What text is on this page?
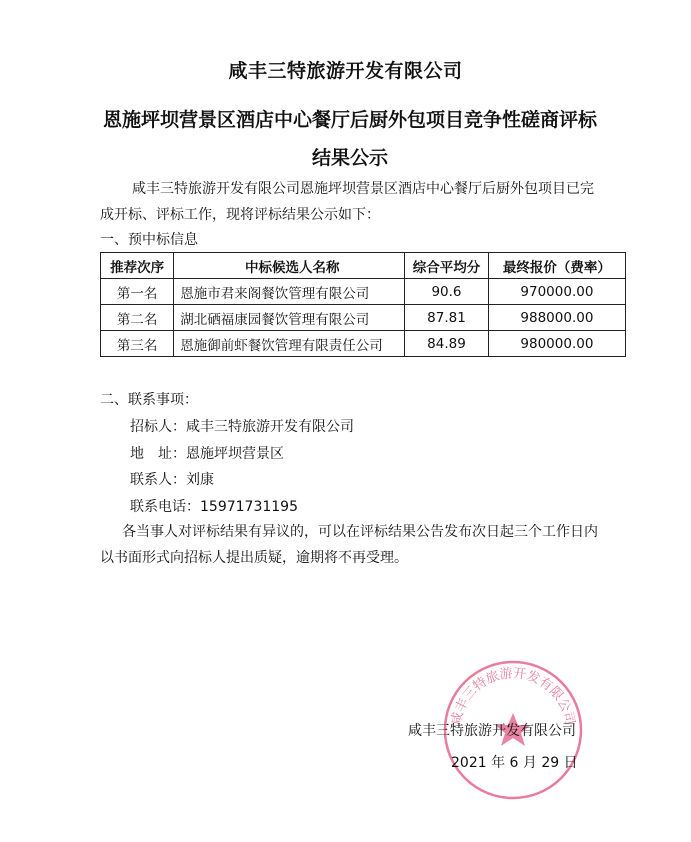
咸丰三特旅游开发有限公司
恩施坪坝营景区酒店中心餐厅后厨外包项目竞争性磋商评标结果公示
咸丰三特旅游开发有限公司恩施坪坝营景区酒店中心餐厅后厨外包项目已完成开标、评标工作，现将评标结果公示如下：
一、预中标信息
推荐次序	中标候选人名称	综合平均分	最终报价（费率）
第一名	恩施市君来阁餐饮管理有限公司	90.6	970000.00
第二名	湖北硒福康园餐饮管理有限公司	87.81	988000.00
第三名	恩施御前虾餐饮管理有限责任公司	84.89	980000.00
二、联系事项：
招标人：咸丰三特旅游开发有限公司
地　址：恩施坪坝营景区
联系人：刘康
联系电话：15971731195
各当事人对评标结果有异议的，可以在评标结果公告发布次日起三个工作日内以书面形式向招标人提出质疑，逾期将不再受理。
咸丰三特旅游开发有限公司
咸丰三特旅游开发有限公司
2021 年 6 月 29 日
